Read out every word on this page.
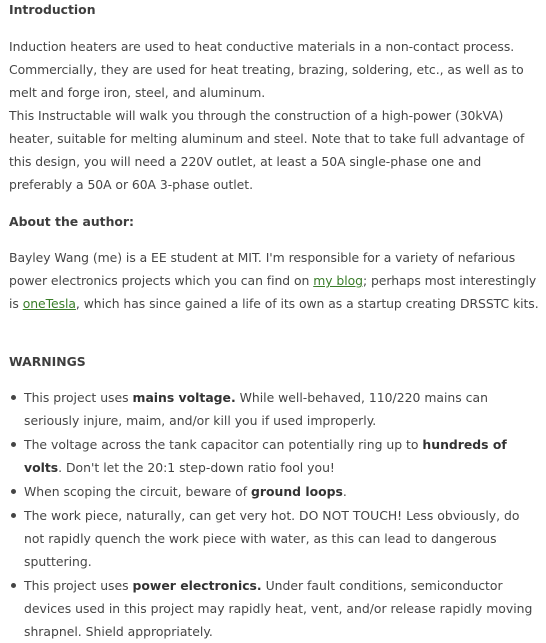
Introduction

Induction heaters are used to heat conductive materials in a non-contact process. Commercially, they are used for heat treating, brazing, soldering, etc., as well as to melt and forge iron, steel, and aluminum.

This Instructable will walk you through the construction of a high-power (30kVA) heater, suitable for melting aluminum and steel. Note that to take full advantage of this design, you will need a 220V outlet, at least a 50A single-phase one and preferably a 50A or 60A 3-phase outlet.

About the author:

Bayley Wang (me) is a EE student at MIT. I'm responsible for a variety of nefarious power electronics projects which you can find on my blog; perhaps most interestingly is oneTesla, which has since gained a life of its own as a startup creating DRSSTC kits.

WARNINGS
This project uses mains voltage. While well-behaved, 110/220 mains can seriously injure, maim, and/or kill you if used improperly.
The voltage across the tank capacitor can potentially ring up to hundreds of volts. Don't let the 20:1 step-down ratio fool you!
When scoping the circuit, beware of ground loops.
The work piece, naturally, can get very hot. DO NOT TOUCH! Less obviously, do not rapidly quench the work piece with water, as this can lead to dangerous sputtering.
This project uses power electronics. Under fault conditions, semiconductor devices used in this project may rapidly heat, vent, and/or release rapidly moving shrapnel. Shield appropriately.
